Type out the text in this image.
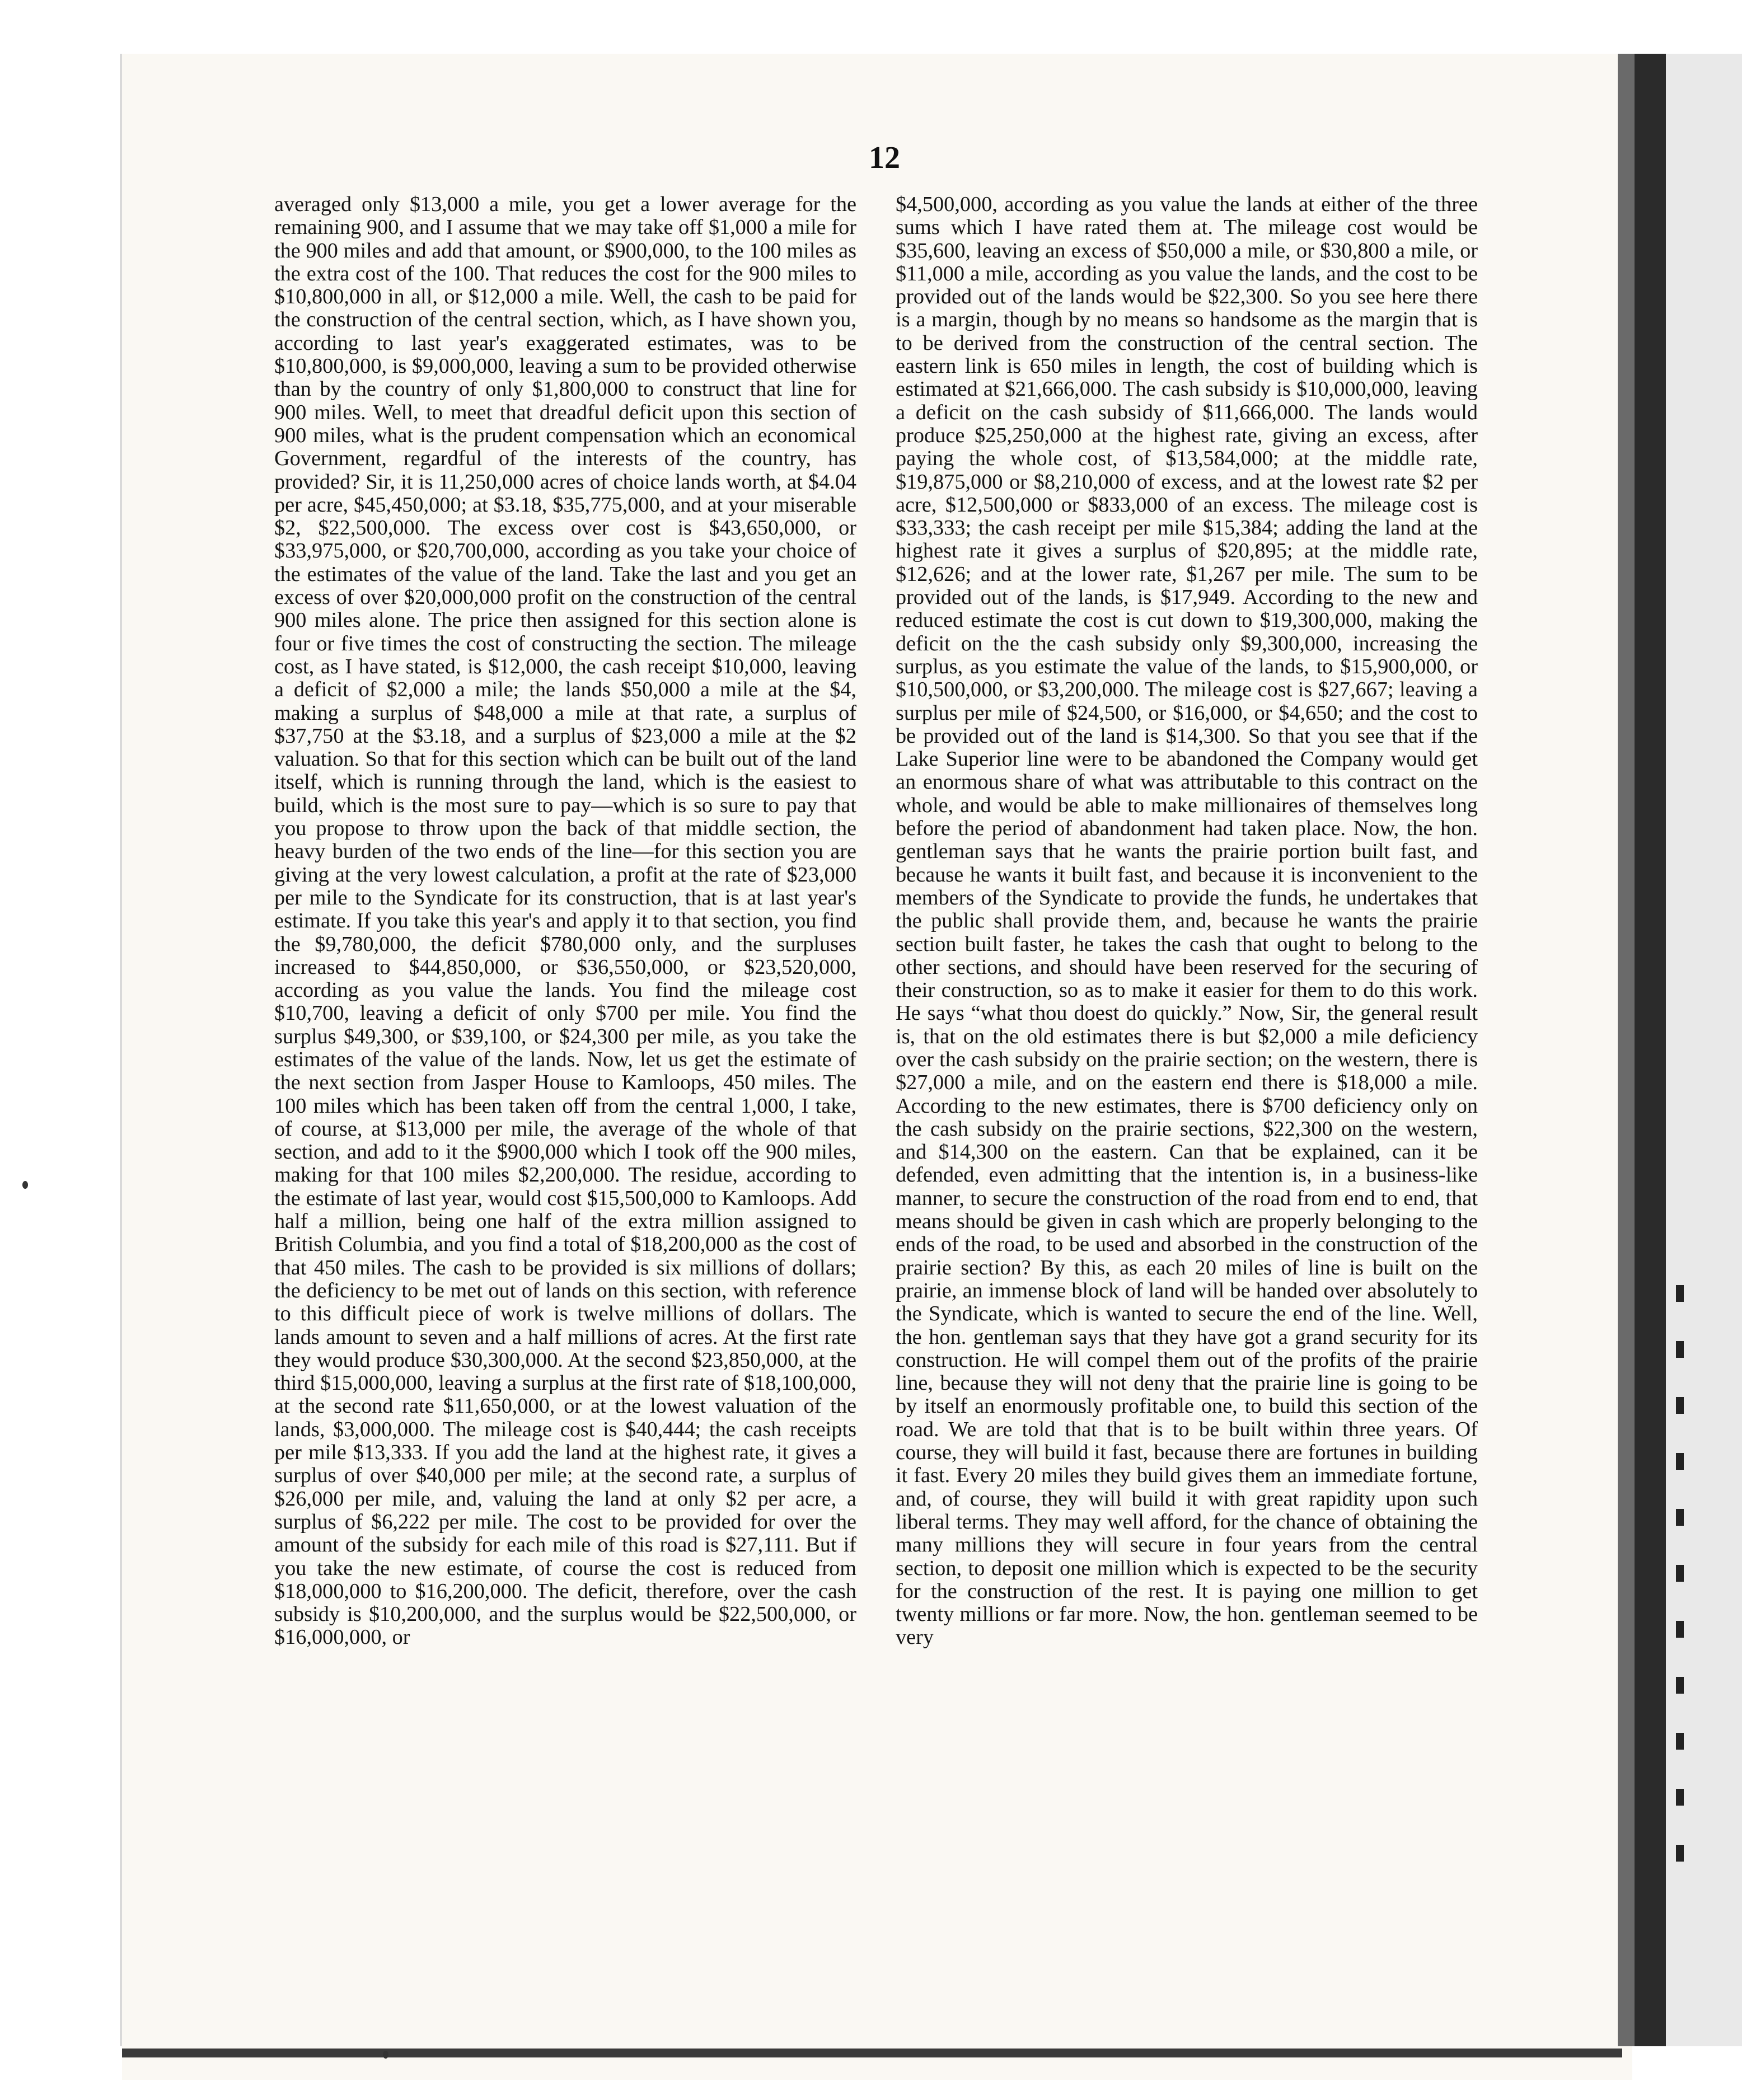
12
averaged only $13,000 a mile, you get a lower average for the remaining 900, and I assume that we may take off $1,000 a mile for the 900 miles and add that amount, or $900,000, to the 100 miles as the extra cost of the 100. That reduces the cost for the 900 miles to $10,800,000 in all, or $12,000 a mile. Well, the cash to be paid for the construction of the central section, which, as I have shown you, according to last year's exaggerated estimates, was to be $10,800,000, is $9,000,000, leaving a sum to be provided otherwise than by the country of only $1,800,000 to construct that line for 900 miles. Well, to meet that dreadful deficit upon this section of 900 miles, what is the prudent compensation which an economical Government, regardful of the interests of the country, has provided? Sir, it is 11,250,000 acres of choice lands worth, at $4.04 per acre, $45,450,000; at $3.18, $35,775,000, and at your miserable $2, $22,500,000. The excess over cost is $43,650,000, or $33,975,000, or $20,700,000, according as you take your choice of the estimates of the value of the land. Take the last and you get an excess of over $20,000,000 profit on the construction of the central 900 miles alone. The price then assigned for this section alone is four or five times the cost of constructing the section. The mileage cost, as I have stated, is $12,000, the cash receipt $10,000, leaving a deficit of $2,000 a mile; the lands $50,000 a mile at the $4, making a surplus of $48,000 a mile at that rate, a surplus of $37,750 at the $3.18, and a surplus of $23,000 a mile at the $2 valuation. So that for this section which can be built out of the land itself, which is running through the land, which is the easiest to build, which is the most sure to pay—which is so sure to pay that you propose to throw upon the back of that middle section, the heavy burden of the two ends of the line—for this section you are giving at the very lowest calculation, a profit at the rate of $23,000 per mile to the Syndicate for its construction, that is at last year's estimate. If you take this year's and apply it to that section, you find the $9,780,000, the deficit $780,000 only, and the surpluses increased to $44,850,000, or $36,550,000, or $23,520,000, according as you value the lands. You find the mileage cost $10,700, leaving a deficit of only $700 per mile. You find the surplus $49,300, or $39,100, or $24,300 per mile, as you take the estimates of the value of the lands. Now, let us get the estimate of the next section from Jasper House to Kamloops, 450 miles. The 100 miles which has been taken off from the central 1,000, I take, of course, at $13,000 per mile, the average of the whole of that section, and add to it the $900,000 which I took off the 900 miles, making for that 100 miles $2,200,000. The residue, according to the estimate of last year, would cost $15,500,000 to Kamloops. Add half a million, being one half of the extra million assigned to British Columbia, and you find a total of $18,200,000 as the cost of that 450 miles. The cash to be provided is six millions of dollars; the deficiency to be met out of lands on this section, with reference to this difficult piece of work is twelve millions of dollars. The lands amount to seven and a half millions of acres. At the first rate they would produce $30,300,000. At the second $23,850,000, at the third $15,000,000, leaving a surplus at the first rate of $18,100,000, at the second rate $11,650,000, or at the lowest valuation of the lands, $3,000,000. The mileage cost is $40,444; the cash receipts per mile $13,333. If you add the land at the highest rate, it gives a surplus of over $40,000 per mile; at the second rate, a surplus of $26,000 per mile, and, valuing the land at only $2 per acre, a surplus of $6,222 per mile. The cost to be provided for over the amount of the subsidy for each mile of this road is $27,111. But if you take the new estimate, of course the cost is reduced from $18,000,000 to $16,200,000. The deficit, therefore, over the cash subsidy is $10,200,000, and the surplus would be $22,500,000, or $16,000,000, or
$4,500,000, according as you value the lands at either of the three sums which I have rated them at. The mileage cost would be $35,600, leaving an excess of $50,000 a mile, or $30,800 a mile, or $11,000 a mile, according as you value the lands, and the cost to be provided out of the lands would be $22,300. So you see here there is a margin, though by no means so handsome as the margin that is to be derived from the construction of the central section. The eastern link is 650 miles in length, the cost of building which is estimated at $21,666,000. The cash subsidy is $10,000,000, leaving a deficit on the cash subsidy of $11,666,000. The lands would produce $25,250,000 at the highest rate, giving an excess, after paying the whole cost, of $13,584,000; at the middle rate, $19,875,000 or $8,210,000 of excess, and at the lowest rate $2 per acre, $12,500,000 or $833,000 of an excess. The mileage cost is $33,333; the cash receipt per mile $15,384; adding the land at the highest rate it gives a surplus of $20,895; at the middle rate, $12,626; and at the lower rate, $1,267 per mile. The sum to be provided out of the lands, is $17,949. According to the new and reduced estimate the cost is cut down to $19,300,000, making the deficit on the the cash subsidy only $9,300,000, increasing the surplus, as you estimate the value of the lands, to $15,900,000, or $10,500,000, or $3,200,000. The mileage cost is $27,667; leaving a surplus per mile of $24,500, or $16,000, or $4,650; and the cost to be provided out of the land is $14,300. So that you see that if the Lake Superior line were to be abandoned the Company would get an enormous share of what was attributable to this contract on the whole, and would be able to make millionaires of themselves long before the period of abandonment had taken place. Now, the hon. gentleman says that he wants the prairie portion built fast, and because he wants it built fast, and because it is inconvenient to the members of the Syndicate to provide the funds, he undertakes that the public shall provide them, and, because he wants the prairie section built faster, he takes the cash that ought to belong to the other sections, and should have been reserved for the securing of their construction, so as to make it easier for them to do this work. He says “what thou doest do quickly.” Now, Sir, the general result is, that on the old estimates there is but $2,000 a mile deficiency over the cash subsidy on the prairie section; on the western, there is $27,000 a mile, and on the eastern end there is $18,000 a mile. According to the new estimates, there is $700 deficiency only on the cash subsidy on the prairie sections, $22,300 on the western, and $14,300 on the eastern. Can that be explained, can it be defended, even admitting that the intention is, in a business-like manner, to secure the construction of the road from end to end, that means should be given in cash which are properly belonging to the ends of the road, to be used and absorbed in the construction of the prairie section? By this, as each 20 miles of line is built on the prairie, an immense block of land will be handed over absolutely to the Syndicate, which is wanted to secure the end of the line. Well, the hon. gentleman says that they have got a grand security for its construction. He will compel them out of the profits of the prairie line, because they will not deny that the prairie line is going to be by itself an enormously profitable one, to build this section of the road. We are told that that is to be built within three years. Of course, they will build it fast, because there are fortunes in building it fast. Every 20 miles they build gives them an immediate fortune, and, of course, they will build it with great rapidity upon such liberal terms. They may well afford, for the chance of obtaining the many millions they will secure in four years from the central section, to deposit one million which is expected to be the security for the construction of the rest. It is paying one million to get twenty millions or far more. Now, the hon. gentleman seemed to be very
